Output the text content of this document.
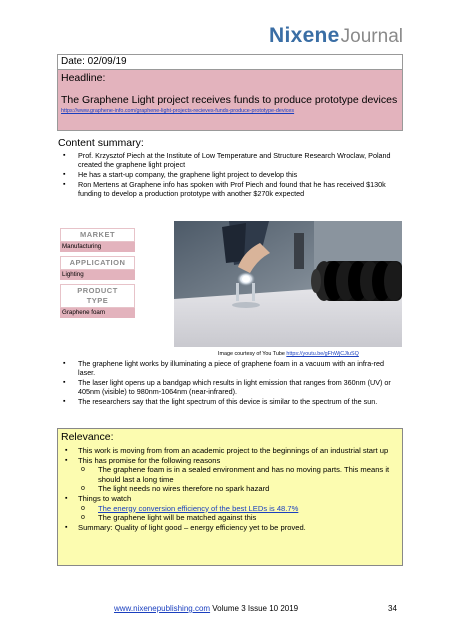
NixeneJournal
Date: 02/09/19
Headline:
The Graphene Light project receives funds to produce prototype devices
https://www.graphene-info.com/graphene-light-projects-recieves-funds-produce-prototype-devices
Content summary:
▪ Prof. Krzysztof Piech at the Institute of Low Temperature and Structure Research Wroclaw, Poland created the graphene light project
▪ He has a start-up company, the graphene light project to develop this
▪ Ron Mertens at Graphene info has spoken with Prof Piech and found that he has received $130k funding to develop a production prototype with another $270k expected
MARKET
Manufacturing
APPLICATION
Lighting
PRODUCT
TYPE
Graphene foam
Image courtesy of You Tube https://youtu.be/gFhWjCJluSQ
▪ The graphene light works by illuminating a piece of graphene foam in a vacuum with an infra-red laser.
▪ The laser light opens up a bandgap which results in light emission that ranges from 360nm (UV) or 405nm (visible) to 980nm-1064nm (near-infrared).
▪ The researchers say that the light spectrum of this device is similar to the spectrum of the sun.
Relevance:
▪ This work is moving from from an academic project to the beginnings of an industrial start up
▪ This has promise for the following reasons
o The graphene foam is in a sealed environment and has no moving parts. This means it should last a long time
o The light needs no wires therefore no spark hazard
▪ Things to watch
o The energy conversion efficiency of the best LEDs is 48.7%
o The graphene light will be matched against this
▪ Summary: Quality of light good – energy efficiency yet to be proved.
www.nixenepublishing.com Volume 3 Issue 10 2019	34
